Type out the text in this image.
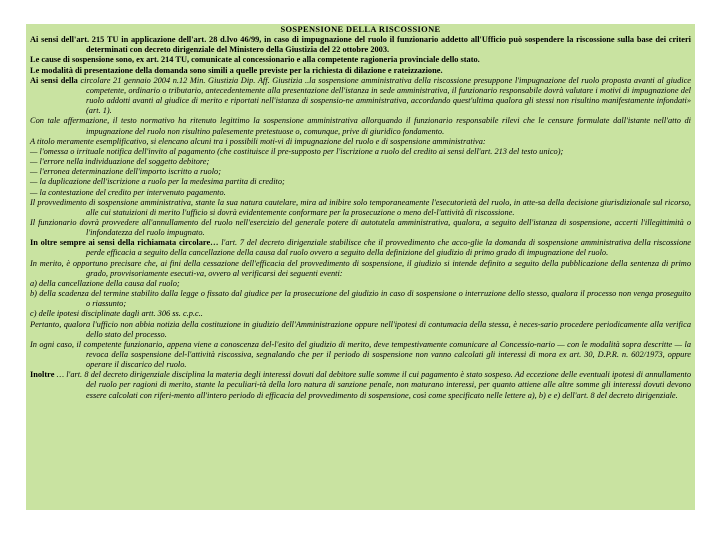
SOSPENSIONE DELLA RISCOSSIONE
Ai sensi dell'art. 215 TU in applicazione dell'art. 28 d.lvo 46/99, in caso di impugnazione del ruolo il funzionario addetto all'Ufficio può sospendere la riscossione sulla base dei criteri determinati con decreto dirigenziale del Ministero della Giustizia del 22 ottobre 2003.
Le cause di sospensione sono, ex art. 214 TU, comunicate al concessionario e alla competente ragioneria provinciale dello stato.
Le modalità di presentazione della domanda sono simili a quelle previste per la richiesta di dilazione e rateizzazione.
Ai sensi della circolare 21 gennaio 2004 n.12 Min. Giustizia Dip. Aff. Giustizia ..la sospensione amministrativa della riscossione presuppone l'impugnazione del ruolo proposta avanti al giudice competente, ordinario o tributario, antecedentemente alla presentazione dell'istanza in sede amministrativa, il funzionario responsabile dovrà valutare i motivi di impugnazione del ruolo addotti avanti al giudice di merito e riportati nell'istanza di sospensio-ne amministrativa, accordando quest'ultima qualora gli stessi non risultino manifestamente infondati» (art. 1).
Con tale affermazione, il testo normativo ha ritenuto legittimo la sospensione amministrativa allorquando il funzionario responsabile rilevi che le censure formulate dall'istante nell'atto di impugnazione del ruolo non risultino palesemente pretestuose o, comunque, prive di giuridico fondamento.
A titolo meramente esemplificativo, si elencano alcuni tra i possibili moti-vi di impugnazione del ruolo e di sospensione amministrativa:
— l'omessa o irrituale notifica dell'invito al pagamento (che costituisce il pre-supposto per l'iscrizione a ruolo del credito ai sensi dell'art. 213 del testo unico);
— l'errore nella individuazione del soggetto debitore;
— l'erronea determinazione dell'importo iscritto a ruolo;
— la duplicazione dell'iscrizione a ruolo per la medesima partita di credito;
— la contestazione del credito per intervenuto pagamento.
Il provvedimento di sospensione amministrativa, stante la sua natura cautelare, mira ad inibire solo temporaneamente l'esecutorietà del ruolo, in atte-sa della decisione giurisdizionale sul ricorso, alle cui statuizioni di merito l'ufficio si dovrà evidentemente conformare per la prosecuzione o meno del-l'attività di riscossione.
Il funzionario dovrà provvedere all'annullamento del ruolo nell'esercizio del generale potere di autotutela amministrativa, qualora, a seguito dell'istanza di sospensione, accerti l'illegittimità o l'infondatezza del ruolo impugnato.
In oltre sempre ai sensi della richiamata circolare… l'art. 7 del decreto dirigenziale stabilisce che il provvedimento che acco-glie la domanda di sospensione amministrativa della riscossione perde efficacia a seguito della cancellazione della causa dal ruolo ovvero a seguito della definizione del giudizio di primo grado di impugnazione del ruolo.
In merito, è opportuno precisare che, ai fini della cessazione dell'efficacia del provvedimento di sospensione, il giudizio si intende definito a seguito della pubblicazione della sentenza di primo grado, provvisoriamente esecuti-va, ovvero al verificarsi dei seguenti eventi:
a) della cancellazione della causa dal ruolo;
b) della scadenza del termine stabilito dalla legge o fissato dal giudice per la prosecuzione del giudizio in caso di sospensione o interruzione dello stesso, qualora il processo non venga proseguito o riassunto;
c) delle ipotesi disciplinate dagli artt. 306 ss. c.p.c..
Pertanto, qualora l'ufficio non abbia notizia della costituzione in giudizio dell'Amministrazione oppure nell'ipotesi di contumacia della stessa, è neces-sario procedere periodicamente alla verifica dello stato del processo.
In ogni caso, il competente funzionario, appena viene a conoscenza del-l'esito del giudizio di merito, deve tempestivamente comunicare al Concessio-nario — con le modalità sopra descritte — la revoca della sospensione del-l'attività riscossiva, segnalando che per il periodo di sospensione non vanno calcolati gli interessi di mora ex art. 30, D.P.R. n. 602/1973, oppure operare il discarico del ruolo.
Inoltre … l'art. 8 del decreto dirigenziale disciplina la materia degli interessi dovuti dal debitore sulle somme il cui pagamento è stato sospeso. Ad eccezione delle eventuali ipotesi di annullamento del ruolo per ragioni di merito, stante la peculiari-tà della loro natura di sanzione penale, non maturano interessi, per quanto attiene alle altre somme gli interessi dovuti devono essere calcolati con riferi-mento all'intero periodo di efficacia del provvedimento di sospensione, così come specificato nelle lettere a), b) e e) dell'art. 8 del decreto dirigenziale.
